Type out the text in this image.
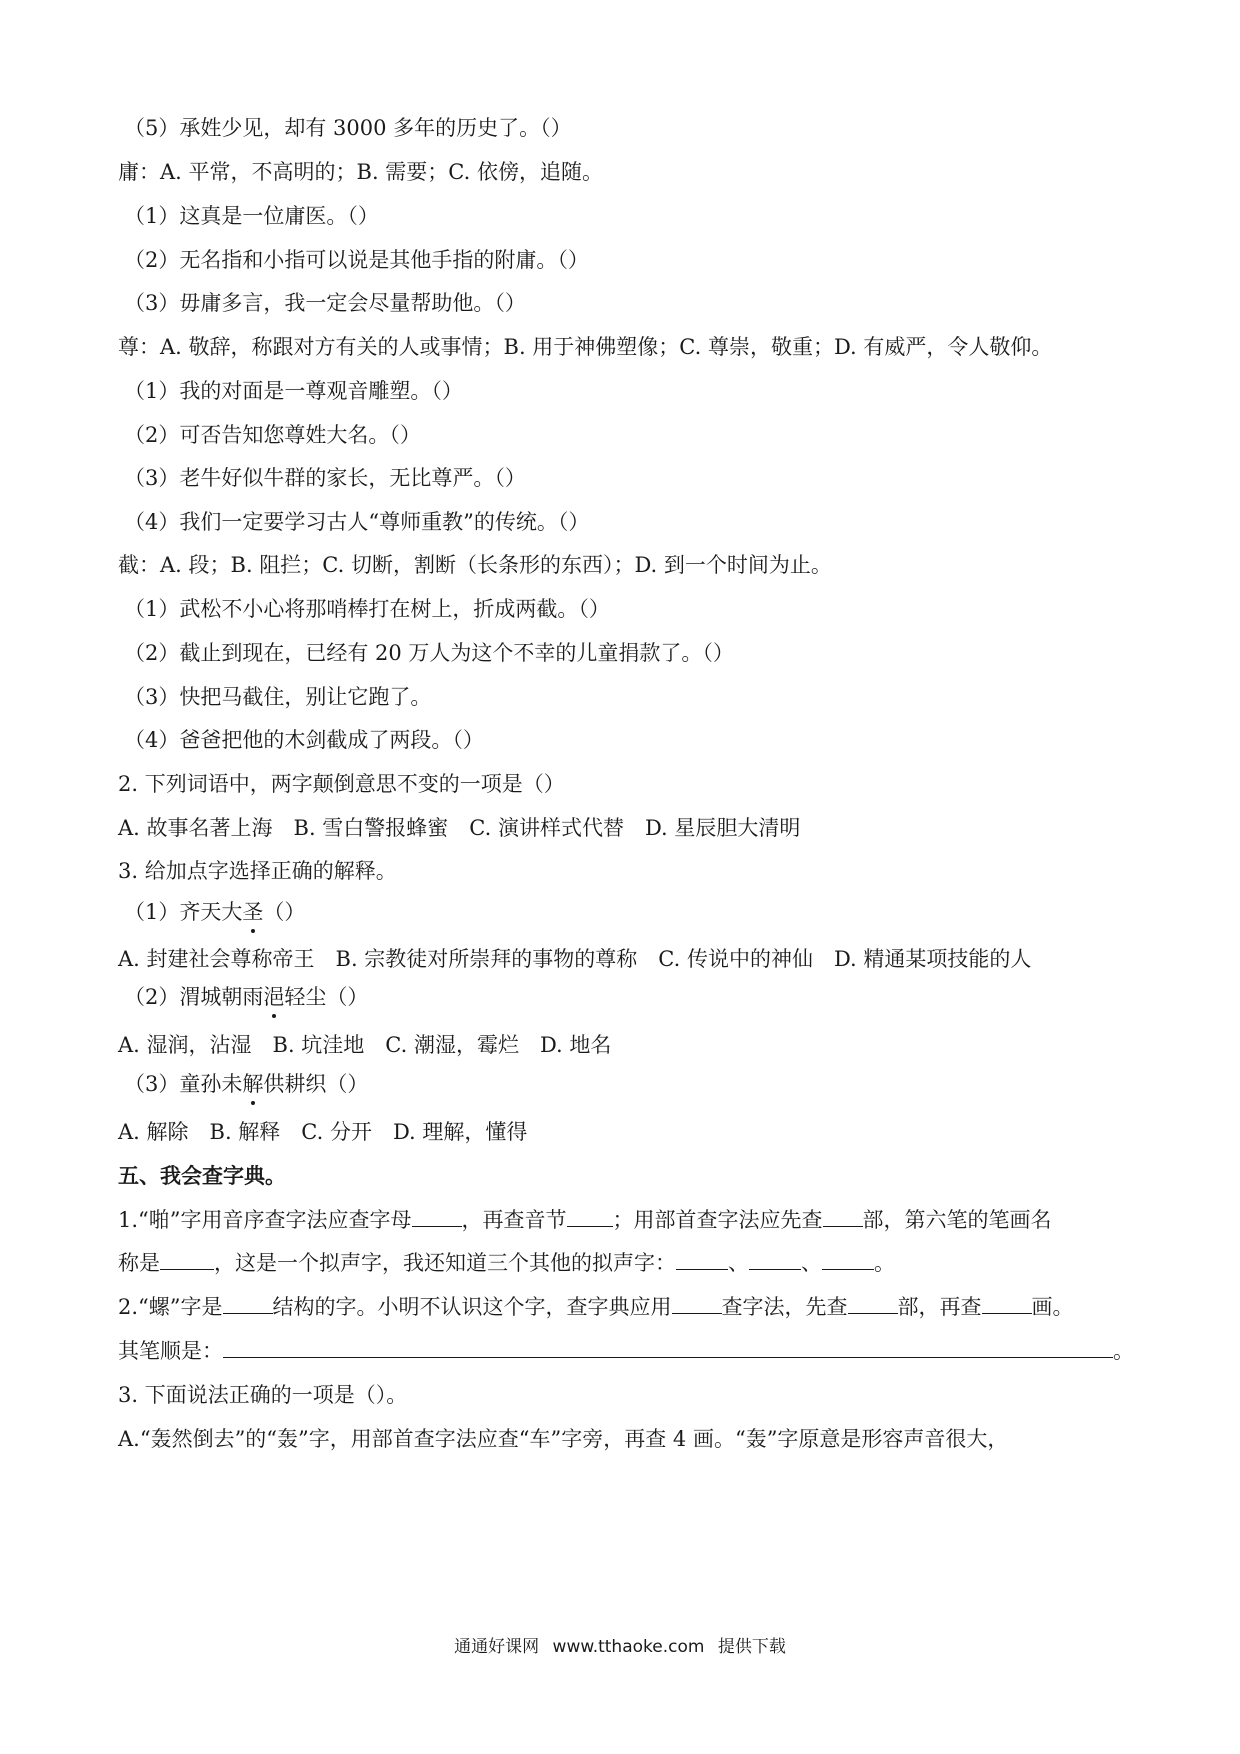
（5）承姓少见，却有 3000 多年的历史了。（）
庸：A. 平常，不高明的；B. 需要；C. 依傍，追随。
（1）这真是一位庸医。（）
（2）无名指和小指可以说是其他手指的附庸。（）
（3）毋庸多言，我一定会尽量帮助他。（）
尊：A. 敬辞，称跟对方有关的人或事情；B. 用于神佛塑像；C. 尊崇，敬重；D. 有威严，令人敬仰。
（1）我的对面是一尊观音雕塑。（）
（2）可否告知您尊姓大名。（）
（3）老牛好似牛群的家长，无比尊严。（）
（4）我们一定要学习古人“尊师重教”的传统。（）
截：A. 段；B. 阻拦；C. 切断，割断（长条形的东西）；D. 到一个时间为止。
（1）武松不小心将那哨棒打在树上，折成两截。（）
（2）截止到现在，已经有 20 万人为这个不幸的儿童捐款了。（）
（3）快把马截住，别让它跑了。
（4）爸爸把他的木剑截成了两段。（）
2. 下列词语中，两字颠倒意思不变的一项是（）
A. 故事名著上海　B. 雪白警报蜂蜜　C. 演讲样式代替　D. 星辰胆大清明
3. 给加点字选择正确的解释。
（1）齐天大圣（）
A. 封建社会尊称帝王　B. 宗教徒对所崇拜的事物的尊称　C. 传说中的神仙　D. 精通某项技能的人
（2）渭城朝雨浥轻尘（）
A. 湿润，沾湿　B. 坑洼地　C. 潮湿，霉烂　D. 地名
（3）童孙未解供耕织（）
A. 解除　B. 解释　C. 分开　D. 理解，懂得
五、我会查字典。
1.“啪”字用音序查字法应查字母 ，再查音节 ；用部首查字法应先查 部，第六笔的笔画名
称是	，这是一个拟声字，我还知道三个其他的拟声字： 、 、 。
2.“螺”字是 结构的字。小明不认识这个字，查字典应用 查字法，先查 部，再查 画。
其笔顺是：	。
3. 下面说法正确的一项是（）。
A.“轰然倒去”的“轰”字，用部首查字法应查“车”字旁，再查 4 画。“轰”字原意是形容声音很大，
通通好课网 www.tthaoke.com 提供下载
